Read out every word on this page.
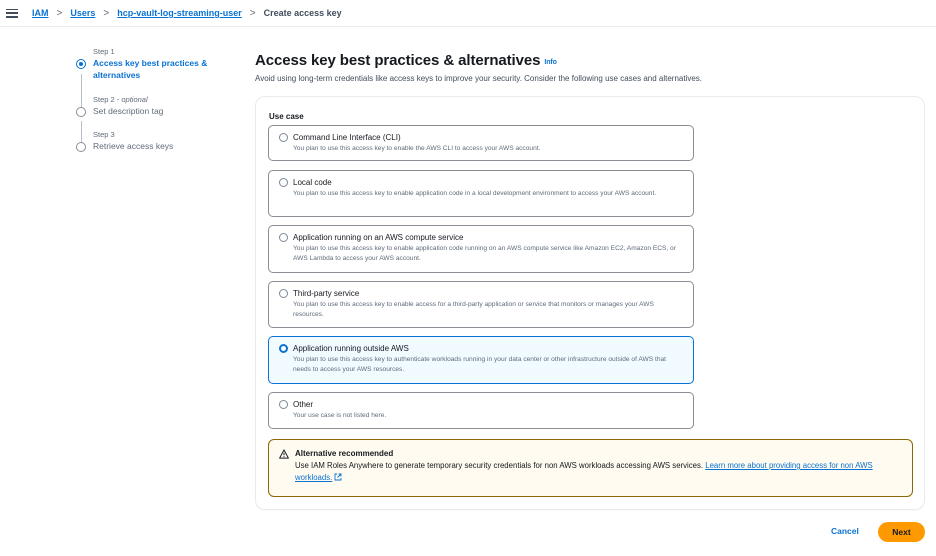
IAM > Users > hcp-vault-log-streaming-user > Create access key
Step 1
Access key best practices & alternatives
Step 2 - optional
Set description tag
Step 3
Retrieve access keys
Access key best practices & alternatives Info
Avoid using long-term credentials like access keys to improve your security. Consider the following use cases and alternatives.
Use case
Command Line Interface (CLI)
You plan to use this access key to enable the AWS CLI to access your AWS account.
Local code
You plan to use this access key to enable application code in a local development environment to access your AWS account.
Application running on an AWS compute service
You plan to use this access key to enable application code running on an AWS compute service like Amazon EC2, Amazon ECS, or AWS Lambda to access your AWS account.
Third-party service
You plan to use this access key to enable access for a third-party application or service that monitors or manages your AWS resources.
Application running outside AWS
You plan to use this access key to authenticate workloads running in your data center or other infrastructure outside of AWS that needs to access your AWS resources.
Other
Your use case is not listed here.
Alternative recommended
Use IAM Roles Anywhere to generate temporary security credentials for non AWS workloads accessing AWS services. Learn more about providing access for non AWS workloads.
Cancel	Next
